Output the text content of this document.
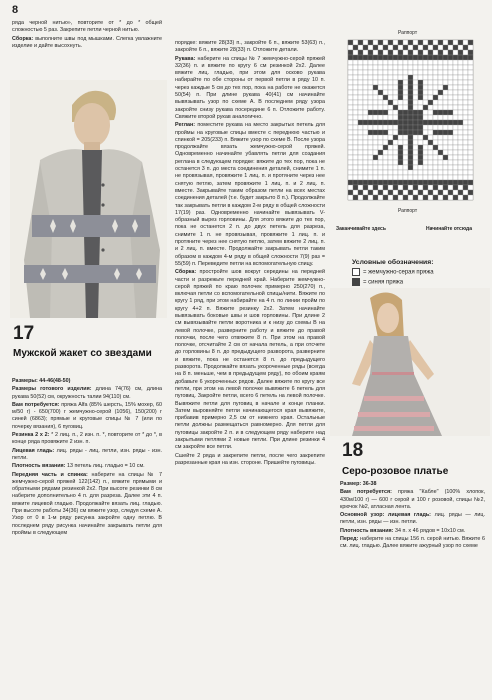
8

ряда черной нитью», повторите от * до * общей сложностью 5 раз. Закрепите петли черной нитью.

Сборка: выполните швы под мышками. Слегка увлажните изделие и дайте высохнуть.

17
Мужской жакет со звездами

Размеры: 44-46(48-50)

Размеры готового изделия: длина 74(76) см, длина рукава 50(52) см, окружность талии 94(110) см.

Вам потребуется: пряжа Alfa (85% шерсть, 15% мохер, 60 м/50 г) - 650(700) г жемчужно-серой (1056), 150(200) г синей (6863); прямые и круговые спицы № 7 (или по почерку вязания), 6 пуговиц.

Резинка 2 х 2: * 2 лиц. п., 2 изн. п. *, повторите от * до *, в конце ряда провяжите 2 изн. п.

Лицевая гладь: лиц. ряды - лиц. петли, изн. ряды - изн. петли.

Плотность вязания: 13 петель лиц. гладью = 10 см.

Передняя часть и спинка: наберите на спицы № 7 жемчужно-серой пряжей 122(142) п., вяжите прямыми и обратными рядами резинкой 2х2. При высоте резинки 8 см наберите дополнительно 4 п. для разреза. Далее эти 4 п. вяжите лицевой гладью. Продолжайте вязать лиц. гладью. При высоте работы 34(36) см вяжите узор, следуя схеме А. Узор от 0 в 1-м ряду рисунка закройте одну петлю. В последнем ряду рисунка начинайте закрывать петли для проймы в следующем

порядке: вяжите 28(33) п., закройте 6 п., вяжите 53(63) п., закройте 6 п., вяжите 28(33) п. Отложите детали.

Рукава: наберите на спицы № 7 жемчужно-серой пряжей 32(36) п. и вяжите по кругу 6 см резинкой 2х2. Далее вяжите лиц. гладью, при этом для осково рукава набирайте по обе стороны от первой петли в ряду 10 п. через каждые 5 см до тех пор, пока на работе не окажется 50(54) п. При длине рукава 40(41) см начинайте вывязывать узор по схеме А. В последнем ряду узора закройте снизу рукава посередине 6 п. Отложите работу. Свяжите второй рукав аналогично.

Реглан: поместите рукава на место закрытых петель для проймы на круговые спицы вместе с переднюю частью и спинкой = 205(233) п. Вяжите узор по схеме В. После узора продолжайте вязать жемчужно-серой пряжей. Одновременно начинайте убавлять петли для создания реглана в следующем порядке: вяжите до тех пор, пока не останется 3 п. до места соединения деталей, снимите 1 п. не провязывая, провяжите 1 лиц. п. и протяните через нее снятую петлю, затем провяжите 1 лиц. п. и 2 лиц. п. вместе. Закрывайте таким образом петли на всех местах соединения деталей (т.е. будет закрыто 8 п.). Продолжайте так закрывать петли в каждом 2-м ряду в общей сложности 17(19) раз. Одновременно начинайте вывязывать V-образный вырез горловины. Для этого вяжите до тех пор, пока не останется 2 п. до двух петель для разреза, снимите 1 п. не провязывая, провяжите 1 лиц. п. и протяните через нее снятую петлю, затем вяжите 2 лиц. п. и 2 лиц. п. вместе. Продолжайте закрывать петли таким образом в каждом 4-м ряду в общей сложности 7(9) раз = 55(59) п. Переведите петли на вспомогательную спицу.

Сборка: простройте шов вокруг середины на передней части и разрежьте передней край. Наберите жемчужно-серой пряжей по краю полочек примерно 250(270) п., включая петли со вспомогательной спицы/нити. Вяжите по кругу 1 ряд, при этом набирайте на 4 п. по линии пройм по кругу 4+2 п. Вяжите резинку 2х2. Затем начинайте вывязывать боковые швы и шов горловины. При длине 2 см вывязывайте петли воротника и к низу до схемы В на левой полочке, разверните работу и вяжите до правой полочки, после чего отвяжите 8 п. При этом на правой полочке, отсчитайте 2 см от начала петель, а при отсчете до горловины 8 п. до предыдущего разворота, разверните и вяжите, пока не останется 8 п. до предыдущего разворота. Продолжайте вязать укороченные ряды (всегда на 8 п. меньше, чем в предыдущем ряду), по обоим краям добавьте 6 укороченных рядов. Далее вяжите по кругу все петли, при этом на левой полочке вывяжите 6 петель для пуговиц. Закройте петли, всего 6 петель на левой полочке. Вывяжите петли для пуговиц в начале и конце планки. Затем выровняйте петли начинающегося края вывяжите, прибавив примерно 2,5 см от нижнего края. Остальные петли должны размещаться равномерно. Для петли для пуговицы закройте 2 п. и в следующем ряду наберите над закрытыми петлями 2 новые петли. При длине резинки 4 см закройте все петли.

Сшейте 2 ряда и закрепите петли, после чего закрепите разрезанные края на изн. стороне. Пришейте пуговицы.

Раппорт
Раппорт
Заканчивайте здесь	Начинайте отсюда
Условные обозначения:
= жемчужно-серая пряжа
= синяя пряжа
18
Серо-розовое платье

Размер: 36-38

Вам потребуется: пряжа "Кабле" (100% хлопок, 430м/100 г) — 600 г серой и 100 г розовой, спицы №2, крючок №2, атласная лента.

Основной узор: лицевая гладь: лиц. ряды — лиц. петли, изн. ряды — изн. петли.

Плотность вязания: 34 п. х 46 рядов = 10х10 см.

Перед: наберите на спицы 156 п. серой нитью. Вяжите 6 см. лиц. гладью. Далее вяжите ажурный узор по схеме
